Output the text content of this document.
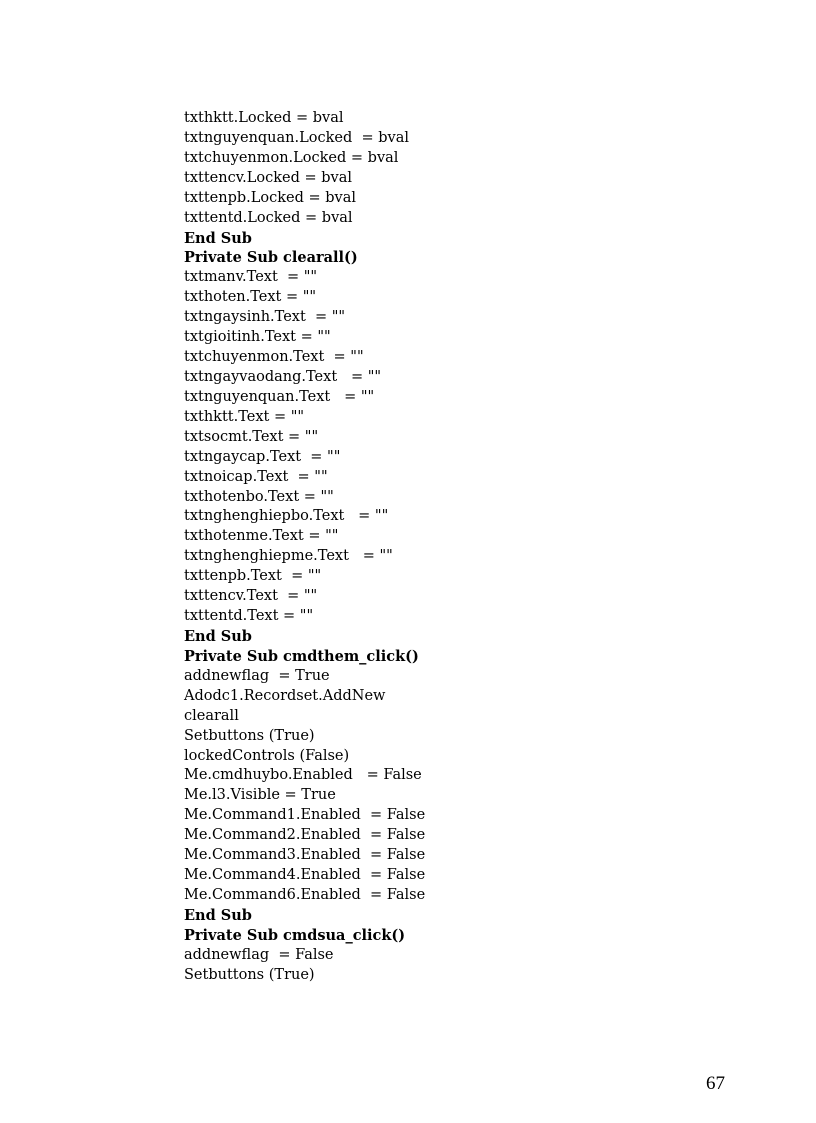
txthktt.Locked = bval
txtnguyenquan.Locked  = bval
txtchuyenmon.Locked = bval
txttencv.Locked = bval
txttenpb.Locked = bval
txttentd.Locked = bval
End Sub
Private Sub clearall()
txtmanv.Text  = ""
txthoten.Text = ""
txtngaysinh.Text  = ""
txtgioitinh.Text = ""
txtchuyenmon.Text  = ""
txtngayvaodang.Text   = ""
txtnguyenquan.Text   = ""
txthktt.Text = ""
txtsocmt.Text = ""
txtngaycap.Text  = ""
txtnoicap.Text  = ""
txthotenbo.Text = ""
txtnghenghiepbo.Text   = ""
txthotenme.Text = ""
txtnghenghiepme.Text   = ""
txttenpb.Text  = ""
txttencv.Text  = ""
txttentd.Text = ""
End Sub
Private Sub cmdthem_click()
addnewflag  = True
Adodc1.Recordset.AddNew
clearall
Setbuttons (True)
lockedControls (False)
Me.cmdhuybo.Enabled   = False
Me.l3.Visible = True
Me.Command1.Enabled  = False
Me.Command2.Enabled  = False
Me.Command3.Enabled  = False
Me.Command4.Enabled  = False
Me.Command6.Enabled  = False
End Sub
Private Sub cmdsua_click()
addnewflag  = False
Setbuttons (True)
67
